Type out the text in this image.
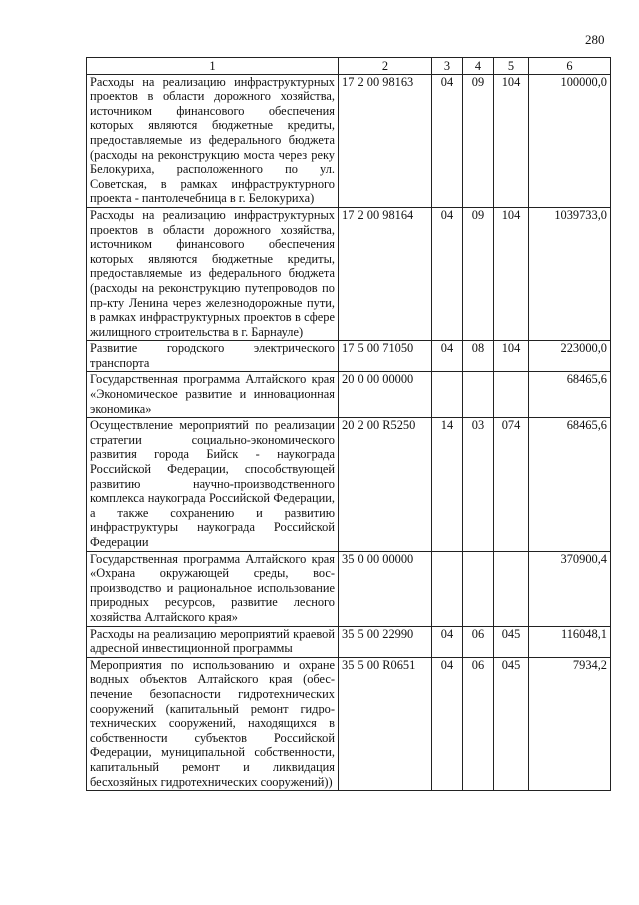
280
1	2	3	4	5	6
Расходы на реализацию инфраструктурных проектов в области дорожного хозяйства, источником финансового обеспечения которых являются бюджетные кредиты, предоставляемые из федерального бюджета (расходы на реконструкцию моста через реку Белокуриха, расположенного по ул. Советская, в рамках инфраструктурного проекта - пантолечебница в г. Белокуриха)	17 2 00 98163	04	09	104	100000,0
Расходы на реализацию инфраструктурных проектов в области дорожного хозяйства, источником финансового обеспечения которых являются бюджетные кредиты, предоставляемые из федерального бюджета (расходы на реконструкцию путепроводов по пр-кту Ленина через железнодорожные пути, в рамках инфраструктурных проектов в сфере жилищного строительства в г. Барнауле)	17 2 00 98164	04	09	104	1039733,0
Развитие городского электрического транспорта	17 5 00 71050	04	08	104	223000,0
Государственная программа Алтайского края «Экономическое развитие и инновационная экономика»	20 0 00 00000				68465,6
Осуществление мероприятий по реализации стратегии социально-экономического развития города Бийск - наукограда Российской Федерации, способствующей развитию научно-производственного комплекса наукограда Российской Федерации, а также сохранению и развитию инфраструктуры наукограда Российской Федерации	20 2 00 R5250	14	03	074	68465,6
Государственная программа Алтайского края «Охрана окружающей среды, воспроизводство и рациональное использование природных ресурсов, развитие лесного хозяйства Алтайского края»	35 0 00 00000				370900,4
Расходы на реализацию мероприятий краевой адресной инвестиционной программы	35 5 00 22990	04	06	045	116048,1
Мероприятия по использованию и охране водных объектов Алтайского края (обеспечение безопасности гидротехнических сооружений (капитальный ремонт гидротехнических сооружений, находящихся в собственности субъектов Российской Федерации, муниципальной собственности, капитальный ремонт и ликвидация бесхозяйных гидротехнических сооружений))	35 5 00 R0651	04	06	045	7934,2
